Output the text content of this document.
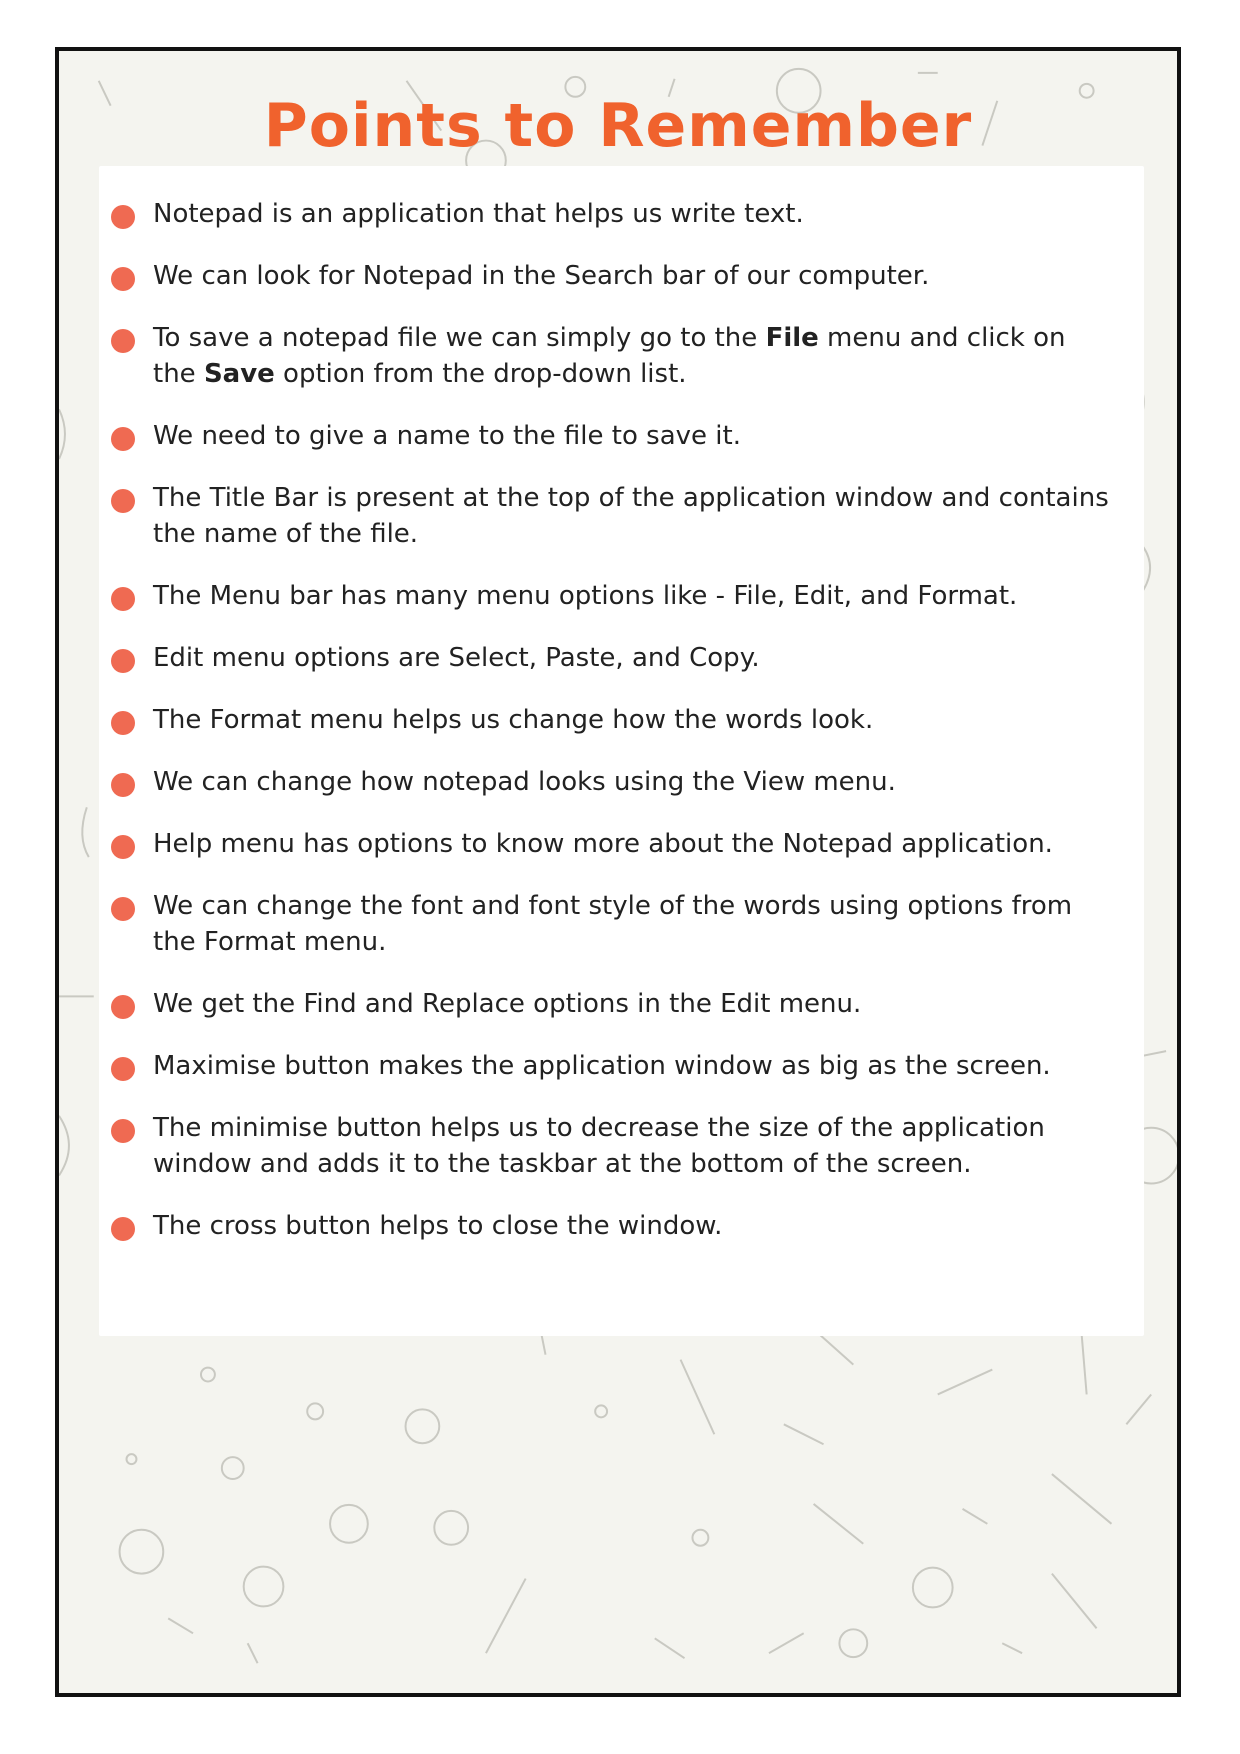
Points to Remember
Notepad is an application that helps us write text.
We can look for Notepad in the Search bar of our computer.
To save a notepad file we can simply go to the File menu and click on the Save option from the drop-down list.
We need to give a name to the file to save it.
The Title Bar is present at the top of the application window and contains the name of the file.
The Menu bar has many menu options like - File, Edit, and Format.
Edit menu options are Select, Paste, and Copy.
The Format menu helps us change how the words look.
We can change how notepad looks using the View menu.
Help menu has options to know more about the Notepad application.
We can change the font and font style of the words using options from the Format menu.
We get the Find and Replace options in the Edit menu.
Maximise button makes the application window as big as the screen.
The minimise button helps us to decrease the size of the application window and adds it to the taskbar at the bottom of the screen.
The cross button helps to close the window.
